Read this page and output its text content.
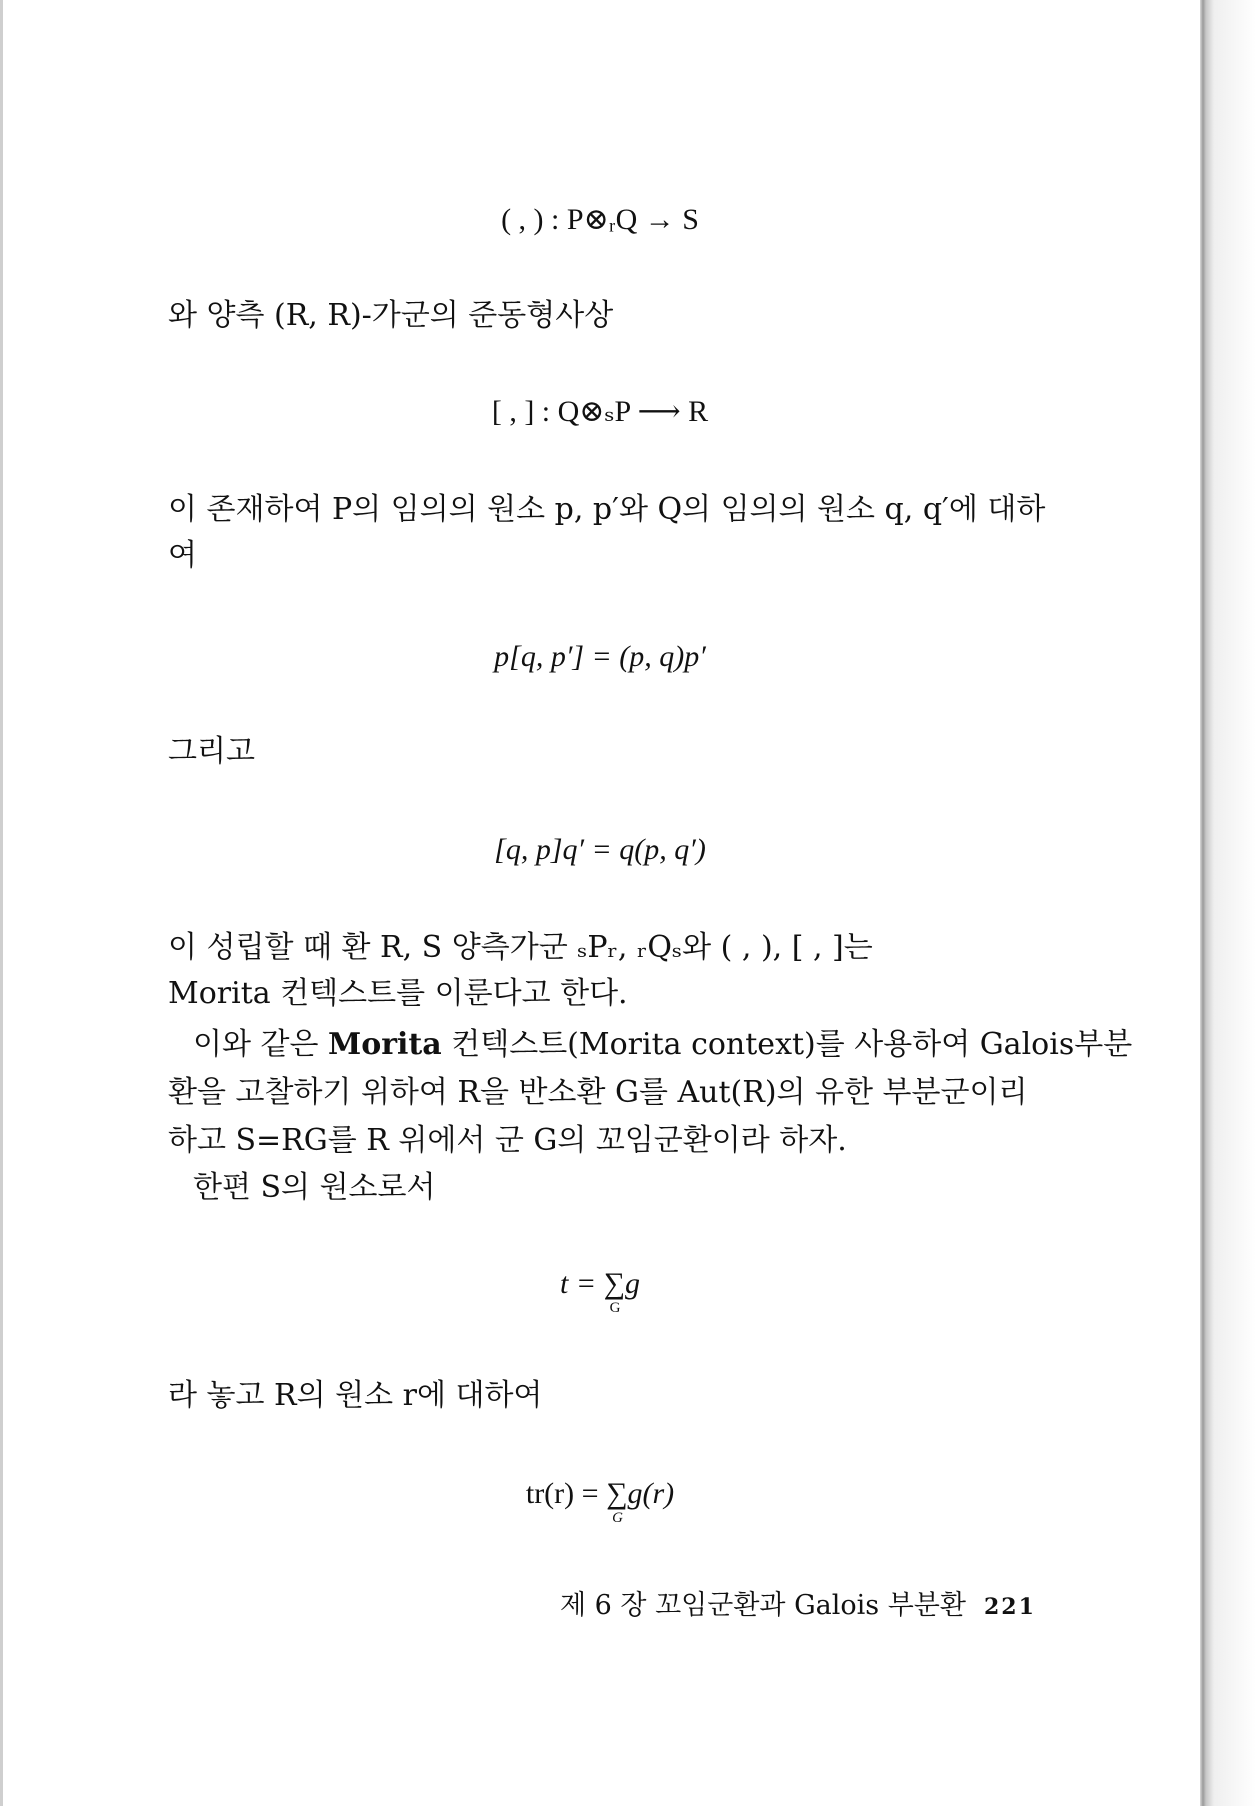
( , ) : P⊗ᵣQ → S
와 양측 (R, R)-가군의 준동형사상
[ , ] : Q⊗ₛP ⟶ R
이 존재하여 P의 임의의 원소 p, p′와 Q의 임의의 원소 q, q′에 대하
여
p[q, p′] = (p, q)p′
그리고
[q, p]q′ = q(p, q′)
이 성립할 때 환 R, S 양측가군 ₛPᵣ, ᵣQₛ와 ( , ), [ , ]는
Morita 컨텍스트를 이룬다고 한다.
이와 같은 Morita 컨텍스트(Morita context)를 사용하여 Galois부분
환을 고찰하기 위하여 R을 반소환 G를 Aut(R)의 유한 부분군이리
하고 S=RG를 R 위에서 군 G의 꼬임군환이라 하자.
한편 S의 원소로서
t = ∑
G
g
라 놓고 R의 원소 r에 대하여
tr(r) = ∑
G
g(r)
제 6 장 꼬임군환과 Galois 부분환 221
